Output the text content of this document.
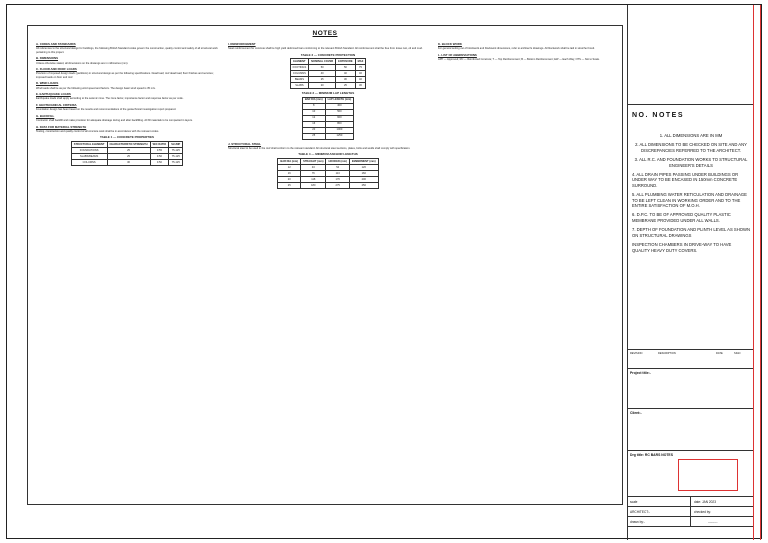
NOTES
A. CODES AND STANDARDS
All references to the structural design for buildings, the following British Standard codes govern the construction, quality control and safety of all structural work pertaining to this project.
B. DIMENSIONS
Unless otherwise stated, all dimensions on the drawings are in millimetres (mm).
C. FLOOR AND ROOF LOADS
Provision of imposed design loads (partitions) in structural design as per the following specifications. Dead load; roof dead load; floor finishes and services; imposed loads on floor and roof.
D. WIND LOADS
Wind loads shall be as per the following wind speed and factors. The design basic wind speed is 35 m/s.
E. EARTHQUAKE LOADS
Earthquake loads shall apply according to the seismic zone. The zone factor, importance factor and response factor as per code.
F. GEOTECHNICAL CRITERIA
Foundation design has been based on the results and recommendations of the geotechnical investigation report prepared.
G. BACKFILL
Contractor shall backfill and make provision for adequate drainage during and after backfilling. All fill materials to be compacted in layers.
H. DATA FOR MATERIAL STRENGTH
Testing, construction and quality control of all concrete work shall be in accordance with the relevant codes.
TABLE 1 — CONCRETE PROPERTIES
STRUCTURAL ELEMENT	CHARACTERISTIC STRENGTH	W/C RATIO	SLUMP
FOUNDATIONS	25	0.55	75-125
SLABS/BEAMS	25	0.50	75-125
COLUMNS	30	0.50	75-125
I. REINFORCEMENT
Steel reinforcement for concrete shall be high yield deformed bars conforming to the relevant British Standard. All reinforcement shall be free from loose rust, oil and mud.
TABLE 2 — CONCRETE PROTECTION
ELEMENT	NOMINAL COVER	EXPOSURE	MAX
FOOTINGS	50	50	75
COLUMNS	40	40	40
BEAMS	25	30	40
SLABS	20	25	30
TABLE 3 — MINIMUM LAP LENGTHS
BAR DIA (mm)	LAP LENGTH (mm)
8	400
10	500
12	600
16	800
20	1000
25	1250
J. STRUCTURAL STEEL
Structural steel to be used in the roof shall conform to the relevant standard. All structural steel sections, plates, bolts and welds shall comply with specification.
TABLE 4 — MINIMUM ANCHOR LENGTHS
BAR DIA (mm)	STRAIGHT (mm)	HOOKED (mm)	EMBEDMENT (mm)
12	43	54	120
16	76	113	160
20	118	176	200
25	180	275	250
K. BLOCK WORK
For general setting out of blockwork and blockwork dimensions, refer to architect's drawings. All blockwork shall be laid in stretcher bond.
L. LIST OF ABBREVIATIONS
APP — Approved; RC — Reinforced Concrete; T — Top Reinforcement; B — Bottom Reinforcement; EW — Each Way; NTS — Not to Scale.
NO. NOTES

1. ALL DIMENSIONS ARE IN MM

2. ALL DIMENSIONS TO BE CHECKED ON SITE AND ANY DISCREPANCIES REFERRED TO THE ARCHITECT.

3. ALL R.C. AND FOUNDATION WORKS TO STRUCTURAL ENGINEER'S DETAILS

4. ALL DRAIN PIPES PASSING UNDER BUILDINGS OR UNDER WAY TO BE ENCASED IN 150mm CONCRETE SURROUND.

5. ALL PLUMBING WATER RETICULATION AND DRAINAGE TO BE LEFT CLEAN IN WORKING ORDER AND TO THE ENTIRE SATISFACTION OF M.O.H.

6. D.P.C. TO BE OF APPROVED QUALITY PLASTIC MEMBRANE PROVIDED UNDER ALL WALLS.

7. DEPTH OF FOUNDATION AND PLINTH LEVEL AS SHOWN ON STRUCTURAL DRAWINGS

INSPECTION CHAMBERS IN DRIVE-WAY TO HAVE QUALITY HEAVY DUTY COVERS.

REVISION	DESCRIPTION	DATE	SIGN
Project title:-
Client:-
Drg title: RC BARS NOTES
scale	date: JAN 2023
ARCHITECT:-	checked by:
drawn by:-	---------
